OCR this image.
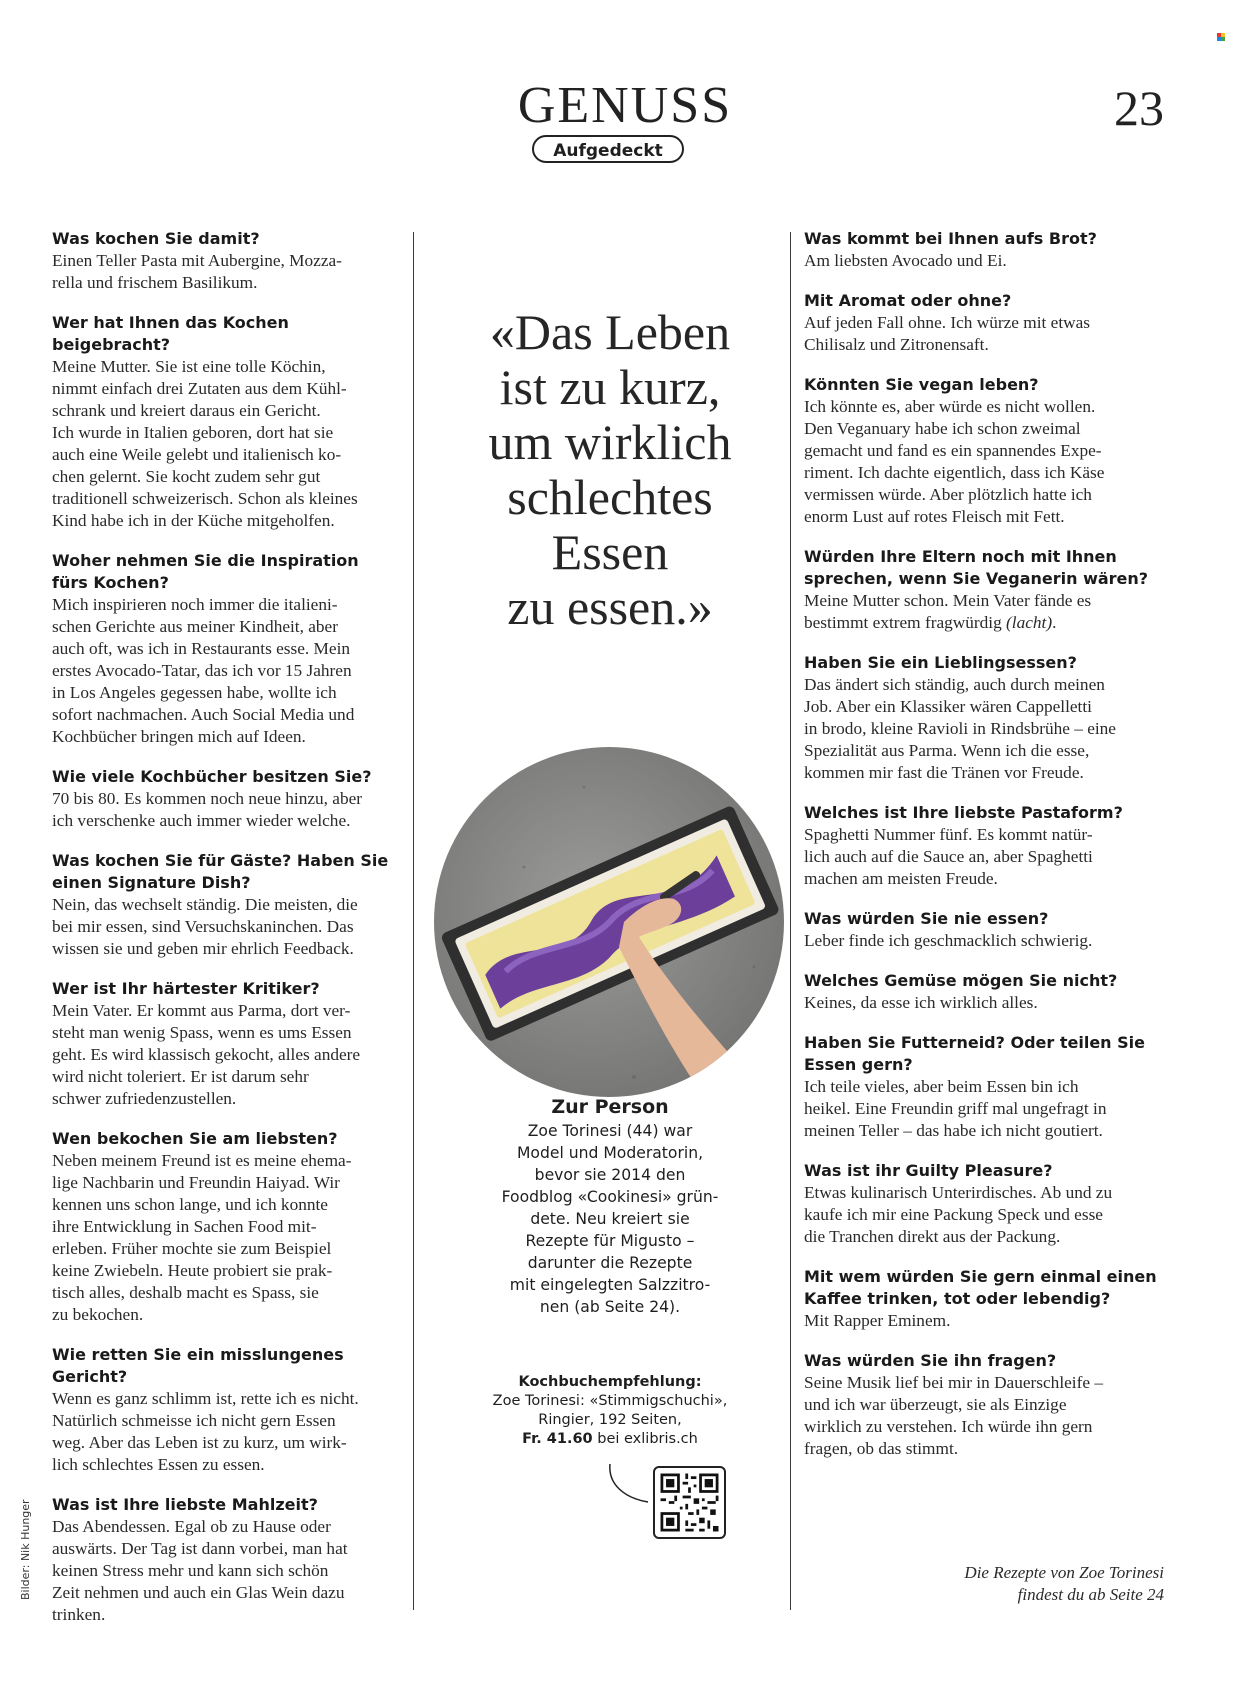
GENUSS
Aufgedeckt
23
Was kochen Sie damit?
Einen Teller Pasta mit Aubergine, Mozza-
rella und frischem Basilikum.
Wer hat Ihnen das Kochen beigebracht?
Meine Mutter. Sie ist eine tolle Köchin,
nimmt einfach drei Zutaten aus dem Kühl-
schrank und kreiert daraus ein Gericht.
Ich wurde in Italien geboren, dort hat sie
auch eine Weile gelebt und italienisch ko-
chen gelernt. Sie kocht zudem sehr gut
traditionell schweizerisch. Schon als kleines
Kind habe ich in der Küche mitgeholfen.
Woher nehmen Sie die Inspiration
fürs Kochen?
Mich inspirieren noch immer die italieni-
schen Gerichte aus meiner Kindheit, aber
auch oft, was ich in Restaurants esse. Mein
erstes Avocado-Tatar, das ich vor 15 Jahren
in Los Angeles gegessen habe, wollte ich
sofort nachmachen. Auch Social Media und
Kochbücher bringen mich auf Ideen.
Wie viele Kochbücher besitzen Sie?
70 bis 80. Es kommen noch neue hinzu, aber
ich verschenke auch immer wieder welche.
Was kochen Sie für Gäste? Haben Sie
einen Signature Dish?
Nein, das wechselt ständig. Die meisten, die
bei mir essen, sind Versuchskaninchen. Das
wissen sie und geben mir ehrlich Feedback.
Wer ist Ihr härtester Kritiker?
Mein Vater. Er kommt aus Parma, dort ver-
steht man wenig Spass, wenn es ums Essen
geht. Es wird klassisch gekocht, alles andere
wird nicht toleriert. Er ist darum sehr
schwer zufriedenzustellen.
Wen bekochen Sie am liebsten?
Neben meinem Freund ist es meine ehema-
lige Nachbarin und Freundin Haiyad. Wir
kennen uns schon lange, und ich konnte
ihre Entwicklung in Sachen Food mit-
erleben. Früher mochte sie zum Beispiel
keine Zwiebeln. Heute probiert sie prak-
tisch alles, deshalb macht es Spass, sie
zu bekochen.
Wie retten Sie ein misslungenes Gericht?
Wenn es ganz schlimm ist, rette ich es nicht.
Natürlich schmeisse ich nicht gern Essen
weg. Aber das Leben ist zu kurz, um wirk-
lich schlechtes Essen zu essen.
Was ist Ihre liebste Mahlzeit?
Das Abendessen. Egal ob zu Hause oder
auswärts. Der Tag ist dann vorbei, man hat
keinen Stress mehr und kann sich schön
Zeit nehmen und auch ein Glas Wein dazu
trinken.
Was kommt bei Ihnen aufs Brot?
Am liebsten Avocado und Ei.
Mit Aromat oder ohne?
Auf jeden Fall ohne. Ich würze mit etwas
Chilisalz und Zitronensaft.
Könnten Sie vegan leben?
Ich könnte es, aber würde es nicht wollen.
Den Veganuary habe ich schon zweimal
gemacht und fand es ein spannendes Expe-
riment. Ich dachte eigentlich, dass ich Käse
vermissen würde. Aber plötzlich hatte ich
enorm Lust auf rotes Fleisch mit Fett.
Würden Ihre Eltern noch mit Ihnen
sprechen, wenn Sie Veganerin wären?
Meine Mutter schon. Mein Vater fände es
bestimmt extrem fragwürdig (lacht).
Haben Sie ein Lieblingsessen?
Das ändert sich ständig, auch durch meinen
Job. Aber ein Klassiker wären Cappelletti
in brodo, kleine Ravioli in Rindsbrühe – eine
Spezialität aus Parma. Wenn ich die esse,
kommen mir fast die Tränen vor Freude.
Welches ist Ihre liebste Pastaform?
Spaghetti Nummer fünf. Es kommt natür-
lich auch auf die Sauce an, aber Spaghetti
machen am meisten Freude.
Was würden Sie nie essen?
Leber finde ich geschmacklich schwierig.
Welches Gemüse mögen Sie nicht?
Keines, da esse ich wirklich alles.
Haben Sie Futterneid? Oder teilen Sie
Essen gern?
Ich teile vieles, aber beim Essen bin ich
heikel. Eine Freundin griff mal ungefragt in
meinen Teller – das habe ich nicht goutiert.
Was ist ihr Guilty Pleasure?
Etwas kulinarisch Unterirdisches. Ab und zu
kaufe ich mir eine Packung Speck und esse
die Tranchen direkt aus der Packung.
Mit wem würden Sie gern einmal einen
Kaffee trinken, tot oder lebendig?
Mit Rapper Eminem.
Was würden Sie ihn fragen?
Seine Musik lief bei mir in Dauerschleife –
und ich war überzeugt, sie als Einzige
wirklich zu verstehen. Ich würde ihn gern
fragen, ob das stimmt.
«Das Leben
ist zu kurz,
um wirklich
schlechtes
Essen
zu essen.»
Zur Person
Zoe Torinesi (44) war
Model und Moderatorin,
bevor sie 2014 den
Foodblog «Cookinesi» grün-
dete. Neu kreiert sie
Rezepte für Migusto –
darunter die Rezepte
mit eingelegten Salzzitro-
nen (ab Seite 24).
Kochbuchempfehlung:
Zoe Torinesi: «Stimmigschuchi»,
Ringier, 192 Seiten,
Fr. 41.60 bei exlibris.ch
Bilder: Nik Hunger	Die Rezepte von Zoe Torinesi
findest du ab Seite 24
